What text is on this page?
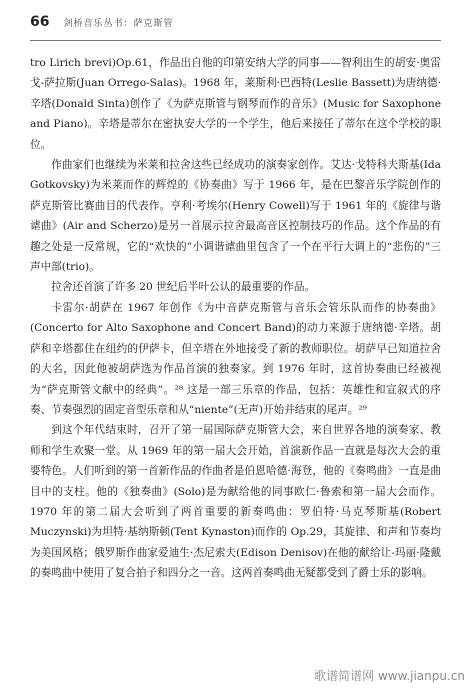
66 剑桥音乐丛书：萨克斯管

tro Lirich brevi)Op.61，作品出自他的印第安纳大学的同事——智利出生的胡安·奥雷戈-萨拉斯(Juan Orrego-Salas)。1968 年，莱斯利·巴西特(Leslie Bassett)为唐纳德·辛塔(Donald Sinta)创作了《为萨克斯管与钢琴而作的音乐》(Music for Saxophone and Piano)。辛塔是蒂尔在密执安大学的一个学生，他后来接任了蒂尔在这个学校的职位。

作曲家们也继续为米莱和拉舍这些已经成功的演奏家创作。艾达·戈特科夫斯基(Ida Gotkovsky)为米莱而作的辉煌的《协奏曲》写于 1966 年，是在巴黎音乐学院创作的萨克斯管比赛曲目的代表作。亨利·考埃尔(Henry Cowell)写于 1961 年的《旋律与谐谑曲》(Air and Scherzo)是另一首展示拉舍最高音区控制技巧的作品。这个作品的有趣之处是一反常规，它的“欢快的”小调谐谑曲里包含了一个在平行大调上的“悲伤的”三声中部(trio)。

拉舍还首演了许多 20 世纪后半叶公认的最重要的作品。

卡雷尔·胡萨在 1967 年创作《为中音萨克斯管与音乐会管乐队而作的协奏曲》(Concerto for Alto Saxophone and Concert Band)的动力来源于唐纳德·辛塔。胡萨和辛塔都住在纽约的伊萨卡，但辛塔在外地接受了新的教师职位。胡萨早已知道拉舍的大名，因此他被胡萨选为作品首演的独奏家。到 1976 年时，这首协奏曲已经被视为“萨克斯管文献中的经典”。²⁸ 这是一部三乐章的作品，包括：英雄性和宣叙式的序奏、节奏强烈的固定音型乐章和从“niente”(无声)开始并结束的尾声。²⁹

到这个年代结束时，召开了第一届国际萨克斯管大会，来自世界各地的演奏家、教师和学生欢聚一堂。从 1969 年的第一届大会开始，首演新作品一直就是每次大会的重要特色。人们听到的第一首新作品的作曲者是伯恩哈德·海登，他的《奏鸣曲》一直是曲目中的支柱。他的《独奏曲》(Solo)是为献给他的同事欧仁·鲁索和第一届大会而作。1970 年的第二届大会听到了两首重要的新奏鸣曲：罗伯特·马克琴斯基(Robert Muczynski)为坦特·基纳斯顿(Tent Kynaston)而作的 Op.29，其旋律、和声和节奏均为美国风格；俄罗斯作曲家爱迪生·杰尼索夫(Edison Denisov)在他的献给让-玛丽·隆戴的奏鸣曲中使用了复合拍子和四分之一音。这两首奏鸣曲无疑都受到了爵士乐的影响。

歌谱简谱网 www.jianpu.cn
